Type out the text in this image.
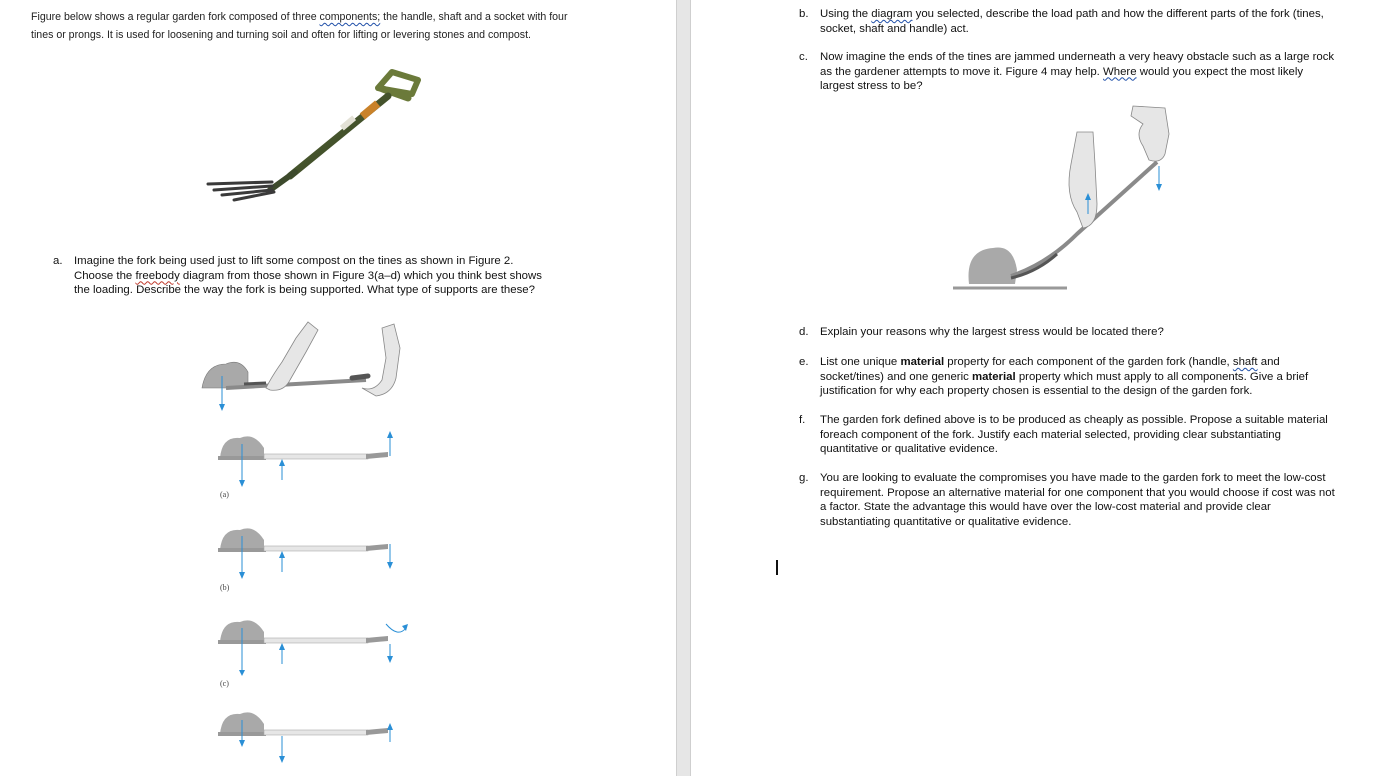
Figure below shows a regular garden fork composed of three components; the handle, shaft and a socket with four tines or prongs. It is used for loosening and turning soil and often for lifting or levering stones and compost.
a. Imagine the fork being used just to lift some compost on the tines as shown in Figure 2.
Choose the freebody diagram from those shown in Figure 3(a–d) which you think best shows
the loading. Describe the way the fork is being supported. What type of supports are these?
(a)
(b)
(c)
b. Using the diagram you selected, describe the load path and how the different parts of the fork (tines, socket, shaft and handle) act.
c. Now imagine the ends of the tines are jammed underneath a very heavy obstacle such as a large rock as the gardener attempts to move it. Figure 4 may help. Where would you expect the most likely largest stress to be?
d. Explain your reasons why the largest stress would be located there?
e. List one unique material property for each component of the garden fork (handle, shaft and socket/tines) and one generic material property which must apply to all components. Give a brief justification for why each property chosen is essential to the design of the garden fork.
f. The garden fork defined above is to be produced as cheaply as possible. Propose a suitable material foreach component of the fork. Justify each material selected, providing clear substantiating quantitative or qualitative evidence.
g. You are looking to evaluate the compromises you have made to the garden fork to meet the low-cost requirement. Propose an alternative material for one component that you would choose if cost was not a factor. State the advantage this would have over the low-cost material and provide clear substantiating quantitative or qualitative evidence.
